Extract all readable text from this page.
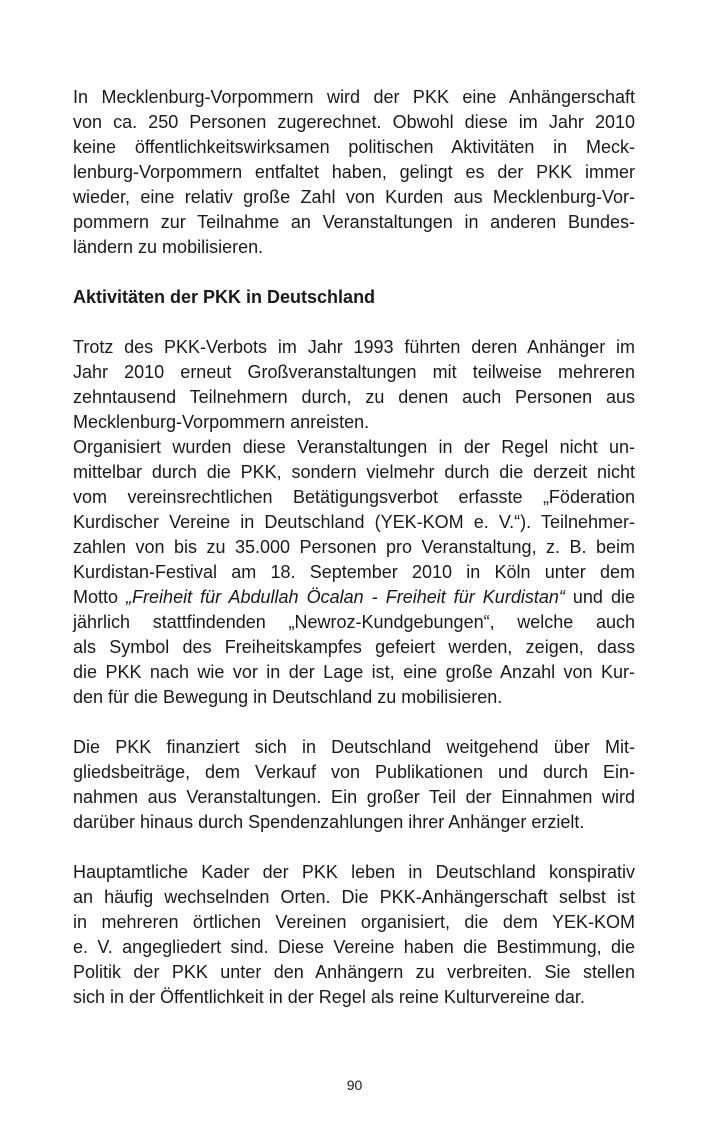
In Mecklenburg-Vorpommern wird der PKK eine Anhängerschaft
von ca. 250 Personen zugerechnet. Obwohl diese im Jahr 2010
keine öffentlichkeitswirksamen politischen Aktivitäten in Meck-
lenburg-Vorpommern entfaltet haben, gelingt es der PKK immer
wieder, eine relativ große Zahl von Kurden aus Mecklenburg-Vor-
pommern zur Teilnahme an Veranstaltungen in anderen Bundes-
ländern zu mobilisieren.
Aktivitäten der PKK in Deutschland
Trotz des PKK-Verbots im Jahr 1993 führten deren Anhänger im
Jahr 2010 erneut Großveranstaltungen mit teilweise mehreren
zehntausend Teilnehmern durch, zu denen auch Personen aus
Mecklenburg-Vorpommern anreisten.
Organisiert wurden diese Veranstaltungen in der Regel nicht un-
mittelbar durch die PKK, sondern vielmehr durch die derzeit nicht
vom vereinsrechtlichen Betätigungsverbot erfasste „Föderation
Kurdischer Vereine in Deutschland (YEK-KOM e. V.“). Teilnehmer-
zahlen von bis zu 35.000 Personen pro Veranstaltung, z. B. beim
Kurdistan-Festival am 18. September 2010 in Köln unter dem
Motto „Freiheit für Abdullah Öcalan - Freiheit für Kurdistan“ und die
jährlich stattfindenden „Newroz-Kundgebungen“, welche auch
als Symbol des Freiheitskampfes gefeiert werden, zeigen, dass
die PKK nach wie vor in der Lage ist, eine große Anzahl von Kur-
den für die Bewegung in Deutschland zu mobilisieren.
Die PKK finanziert sich in Deutschland weitgehend über Mit-
gliedsbeiträge, dem Verkauf von Publikationen und durch Ein-
nahmen aus Veranstaltungen. Ein großer Teil der Einnahmen wird
darüber hinaus durch Spendenzahlungen ihrer Anhänger erzielt.
Hauptamtliche Kader der PKK leben in Deutschland konspirativ
an häufig wechselnden Orten. Die PKK-Anhängerschaft selbst ist
in mehreren örtlichen Vereinen organisiert, die dem YEK-KOM
e. V. angegliedert sind. Diese Vereine haben die Bestimmung, die
Politik der PKK unter den Anhängern zu verbreiten. Sie stellen
sich in der Öffentlichkeit in der Regel als reine Kulturvereine dar.
90
